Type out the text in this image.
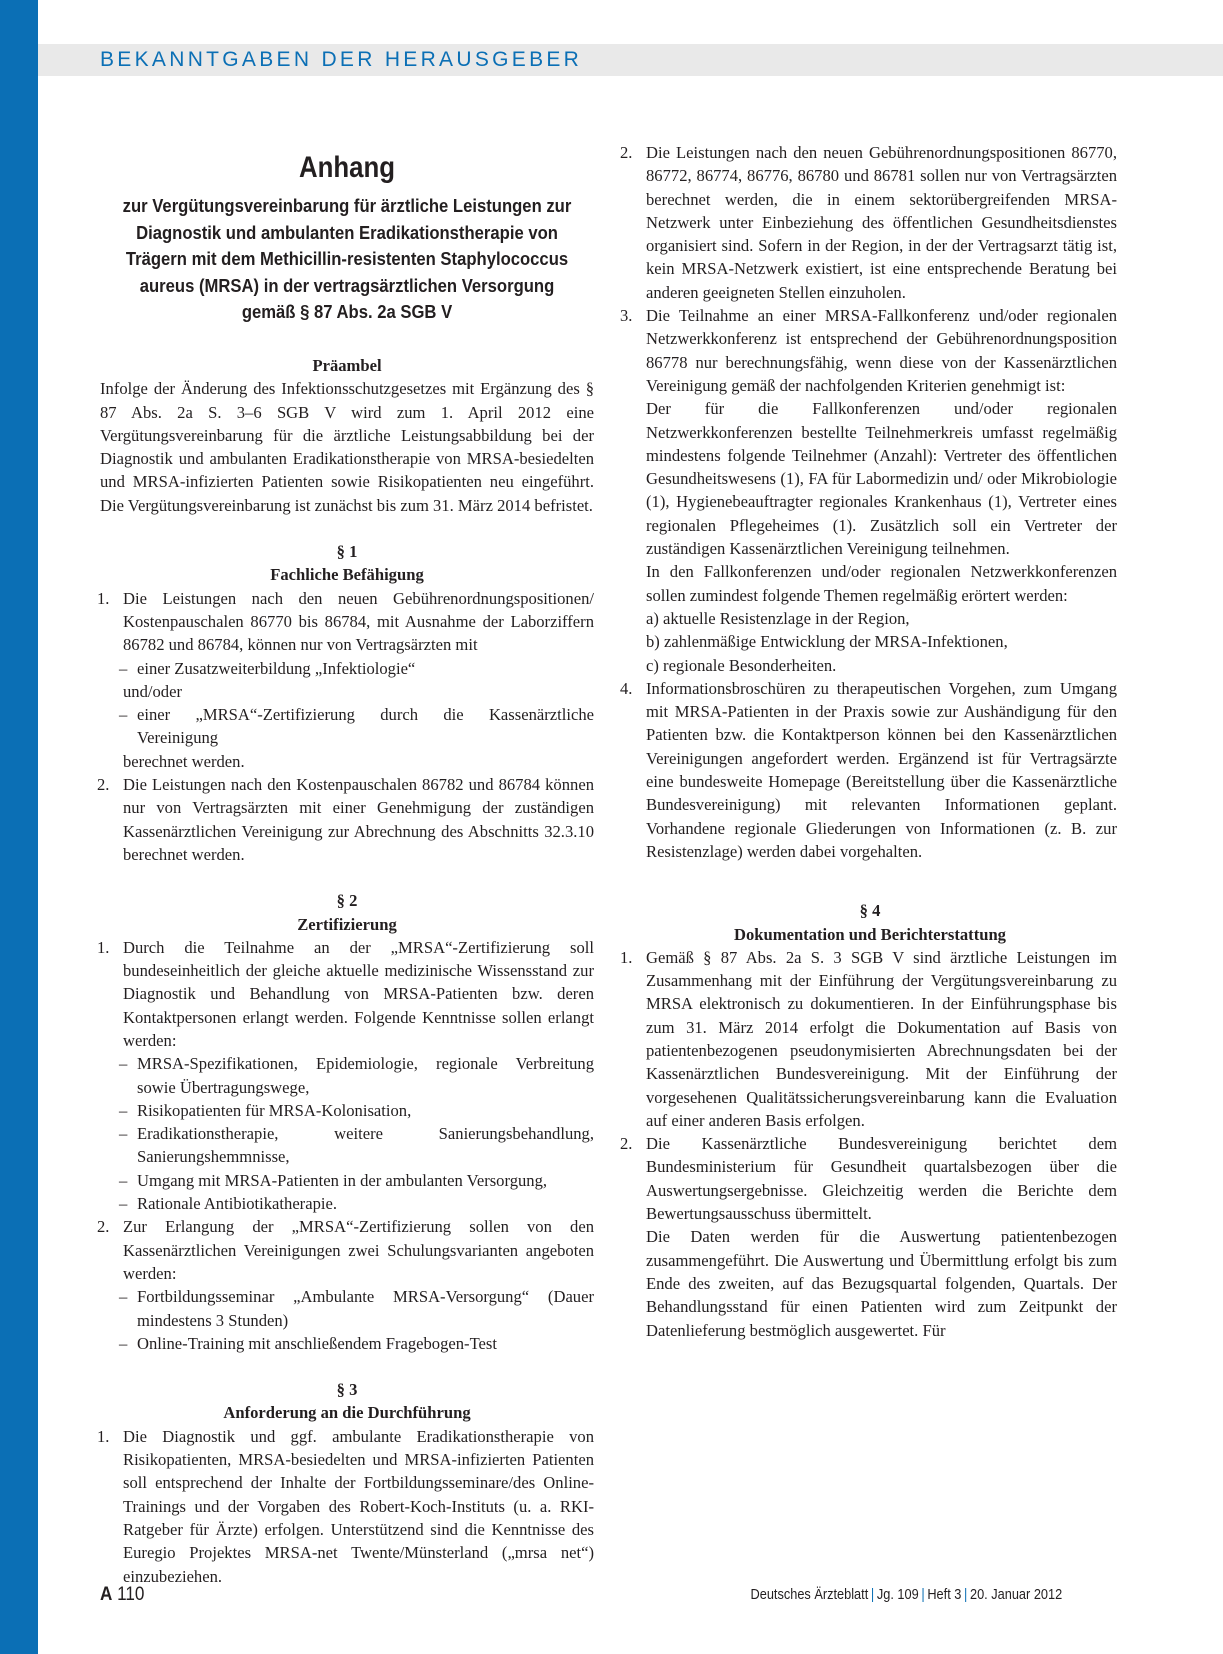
BEKANNTGABEN DER HERAUSGEBER
Anhang
zur Vergütungsvereinbarung für ärztliche Leistungen zur Diagnostik und ambulanten Eradikationstherapie von Trägern mit dem Methicillin-resistenten Staphylococcus aureus (MRSA) in der vertragsärztlichen Versorgung gemäß § 87 Abs. 2a SGB V
Präambel

Infolge der Änderung des Infektionsschutzgesetzes mit Ergänzung des § 87 Abs. 2a S. 3–6 SGB V wird zum 1. April 2012 eine Vergütungsvereinbarung für die ärztliche Leistungsabbildung bei der Diagnostik und ambulanten Eradikationstherapie von MRSA-besiedelten und MRSA-infizierten Patienten sowie Risikopatienten neu eingeführt. Die Vergütungsvereinbarung ist zunächst bis zum 31. März 2014 befristet.

§ 1
Fachliche Befähigung
1. Die Leistungen nach den neuen Gebührenordnungspositionen/ Kostenpauschalen 86770 bis 86784, mit Ausnahme der Laborziffern 86782 und 86784, können nur von Vertragsärzten mit

– einer Zusatzweiterbildung „Infektiologie“

und/oder

– einer „MRSA“-Zertifizierung durch die Kassenärztliche Vereinigung

berechnet werden.

2. Die Leistungen nach den Kostenpauschalen 86782 und 86784 können nur von Vertragsärzten mit einer Genehmigung der zuständigen Kassenärztlichen Vereinigung zur Abrechnung des Abschnitts 32.3.10 berechnet werden.

§ 2
Zertifizierung
1. Durch die Teilnahme an der „MRSA“-Zertifizierung soll bundeseinheitlich der gleiche aktuelle medizinische Wissensstand zur Diagnostik und Behandlung von MRSA-Patienten bzw. deren Kontaktpersonen erlangt werden. Folgende Kenntnisse sollen erlangt werden:

– MRSA-Spezifikationen, Epidemiologie, regionale Verbreitung sowie Übertragungswege,

– Risikopatienten für MRSA-Kolonisation,

– Eradikationstherapie, weitere Sanierungsbehandlung, Sanierungshemmnisse,

– Umgang mit MRSA-Patienten in der ambulanten Versorgung,

– Rationale Antibiotikatherapie.

2. Zur Erlangung der „MRSA“-Zertifizierung sollen von den Kassenärztlichen Vereinigungen zwei Schulungsvarianten angeboten werden:

– Fortbildungsseminar „Ambulante MRSA-Versorgung“ (Dauer mindestens 3 Stunden)

– Online-Training mit anschließendem Fragebogen-Test

§ 3
Anforderung an die Durchführung
1. Die Diagnostik und ggf. ambulante Eradikationstherapie von Risikopatienten, MRSA-besiedelten und MRSA-infizierten Patienten soll entsprechend der Inhalte der Fortbildungsseminare/des Online-Trainings und der Vorgaben des Robert-Koch-Instituts (u. a. RKI-Ratgeber für Ärzte) erfolgen. Unterstützend sind die Kenntnisse des Euregio Projektes MRSA-net Twente/Münsterland („mrsa net“) einzubeziehen.

2. Die Leistungen nach den neuen Gebührenordnungspositionen 86770, 86772, 86774, 86776, 86780 und 86781 sollen nur von Vertragsärzten berechnet werden, die in einem sektorübergreifenden MRSA-Netzwerk unter Einbeziehung des öffentlichen Gesundheitsdienstes organisiert sind. Sofern in der Region, in der der Vertragsarzt tätig ist, kein MRSA-Netzwerk existiert, ist eine entsprechende Beratung bei anderen geeigneten Stellen einzuholen.

3. Die Teilnahme an einer MRSA-Fallkonferenz und/oder regionalen Netzwerkkonferenz ist entsprechend der Gebührenordnungsposition 86778 nur berechnungsfähig, wenn diese von der Kassenärztlichen Vereinigung gemäß der nachfolgenden Kriterien genehmigt ist:

Der für die Fallkonferenzen und/oder regionalen Netzwerkkonferenzen bestellte Teilnehmerkreis umfasst regelmäßig mindestens folgende Teilnehmer (Anzahl): Vertreter des öffentlichen Gesundheitswesens (1), FA für Labormedizin und/ oder Mikrobiologie (1), Hygienebeauftragter regionales Krankenhaus (1), Vertreter eines regionalen Pflegeheimes (1). Zusätzlich soll ein Vertreter der zuständigen Kassenärztlichen Vereinigung teilnehmen.

In den Fallkonferenzen und/oder regionalen Netzwerkkonferenzen sollen zumindest folgende Themen regelmäßig erörtert werden:

a) aktuelle Resistenzlage in der Region,

b) zahlenmäßige Entwicklung der MRSA-Infektionen,

c) regionale Besonderheiten.

4. Informationsbroschüren zu therapeutischen Vorgehen, zum Umgang mit MRSA-Patienten in der Praxis sowie zur Aushändigung für den Patienten bzw. die Kontaktperson können bei den Kassenärztlichen Vereinigungen angefordert werden. Ergänzend ist für Vertragsärzte eine bundesweite Homepage (Bereitstellung über die Kassenärztliche Bundesvereinigung) mit relevanten Informationen geplant. Vorhandene regionale Gliederungen von Informationen (z. B. zur Resistenzlage) werden dabei vorgehalten.

§ 4
Dokumentation und Berichterstattung
1. Gemäß § 87 Abs. 2a S. 3 SGB V sind ärztliche Leistungen im Zusammenhang mit der Einführung der Vergütungsvereinbarung zu MRSA elektronisch zu dokumentieren. In der Einführungsphase bis zum 31. März 2014 erfolgt die Dokumentation auf Basis von patientenbezogenen pseudonymisierten Abrechnungsdaten bei der Kassenärztlichen Bundesvereinigung. Mit der Einführung der vorgesehenen Qualitätssicherungsvereinbarung kann die Evaluation auf einer anderen Basis erfolgen.

2. Die Kassenärztliche Bundesvereinigung berichtet dem Bundesministerium für Gesundheit quartalsbezogen über die Auswertungsergebnisse. Gleichzeitig werden die Berichte dem Bewertungsausschuss übermittelt.

Die Daten werden für die Auswertung patientenbezogen zusammengeführt. Die Auswertung und Übermittlung erfolgt bis zum Ende des zweiten, auf das Bezugsquartal folgenden, Quartals. Der Behandlungsstand für einen Patienten wird zum Zeitpunkt der Datenlieferung bestmöglich ausgewertet. Für

A 110	Deutsches Ärzteblatt | Jg. 109 | Heft 3 | 20. Januar 2012
